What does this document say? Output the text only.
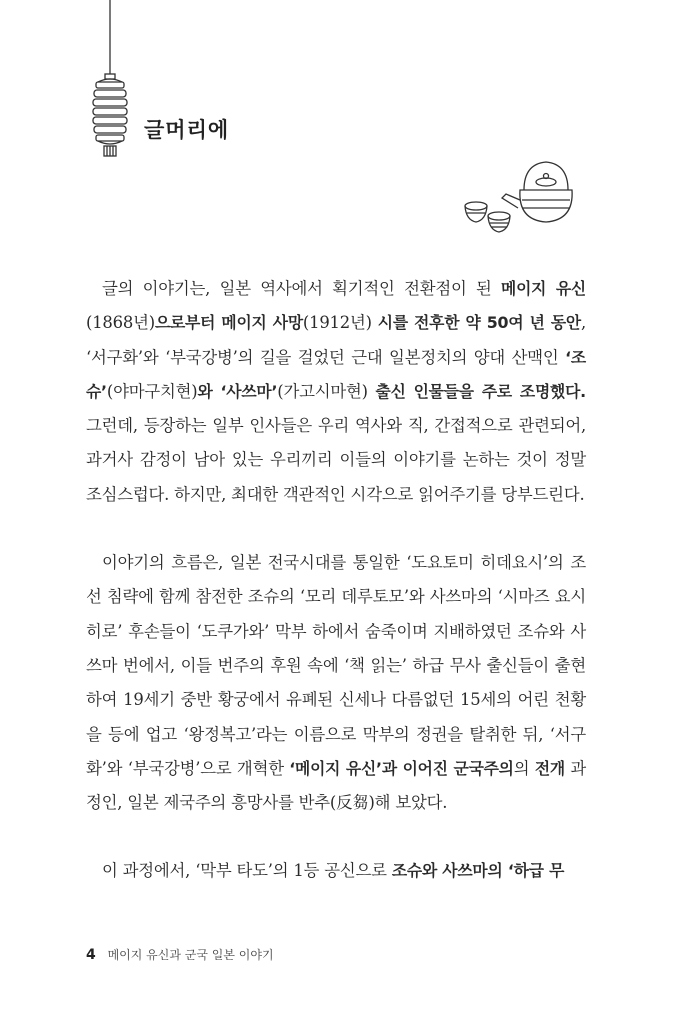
글머리에

글의 이야기는, 일본 역사에서 획기적인 전환점이 된 메이지 유신 (1868년)으로부터 메이지 사망(1912년) 시를 전후한 약 50여 년 동안, ‘서구화’와 ‘부국강병’의 길을 걸었던 근대 일본정치의 양대 산맥인 ‘조슈’(야마구치현)와 ‘사쓰마’(가고시마현) 출신 인물들을 주로 조명했다. 그런데, 등장하는 일부 인사들은 우리 역사와 직, 간접적으로 관련되어, 과거사 감정이 남아 있는 우리끼리 이들의 이야기를 논하는 것이 정말 조심스럽다. 하지만, 최대한 객관적인 시각으로 읽어주기를 당부드린다.

이야기의 흐름은, 일본 전국시대를 통일한 ‘도요토미 히데요시’의 조선 침략에 함께 참전한 조슈의 ‘모리 데루토모’와 사쓰마의 ‘시마즈 요시히로’ 후손들이 ‘도쿠가와’ 막부 하에서 숨죽이며 지배하였던 조슈와 사쓰마 번에서, 이들 번주의 후원 속에 ‘책 읽는’ 하급 무사 출신들이 출현하여 19세기 중반 황궁에서 유폐된 신세나 다름없던 15세의 어린 천황을 등에 업고 ‘왕정복고’라는 이름으로 막부의 정권을 탈취한 뒤, ‘서구화’와 ‘부국강병’으로 개혁한 ‘메이지 유신’과 이어진 군국주의의 전개 과정인, 일본 제국주의 흥망사를 반추(反芻)해 보았다.

이 과정에서, ‘막부 타도’의 1등 공신으로 조슈와 사쓰마의 ‘하급 무

4 메이지 유신과 군국 일본 이야기
